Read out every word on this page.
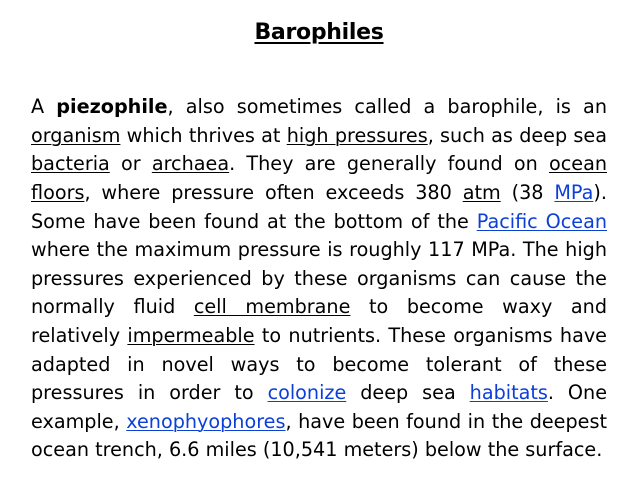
Barophiles

A piezophile, also sometimes called a barophile, is an organism which thrives at high pressures, such as deep sea bacteria or archaea. They are generally found on ocean floors, where pressure often exceeds 380 atm (38 MPa). Some have been found at the bottom of the Pacific Ocean where the maximum pressure is roughly 117 MPa. The high pressures experienced by these organisms can cause the normally fluid cell membrane to become waxy and relatively impermeable to nutrients. These organisms have adapted in novel ways to become tolerant of these pressures in order to colonize deep sea habitats. One example, xenophyophores, have been found in the deepest ocean trench, 6.6 miles (10,541 meters) below the surface.
